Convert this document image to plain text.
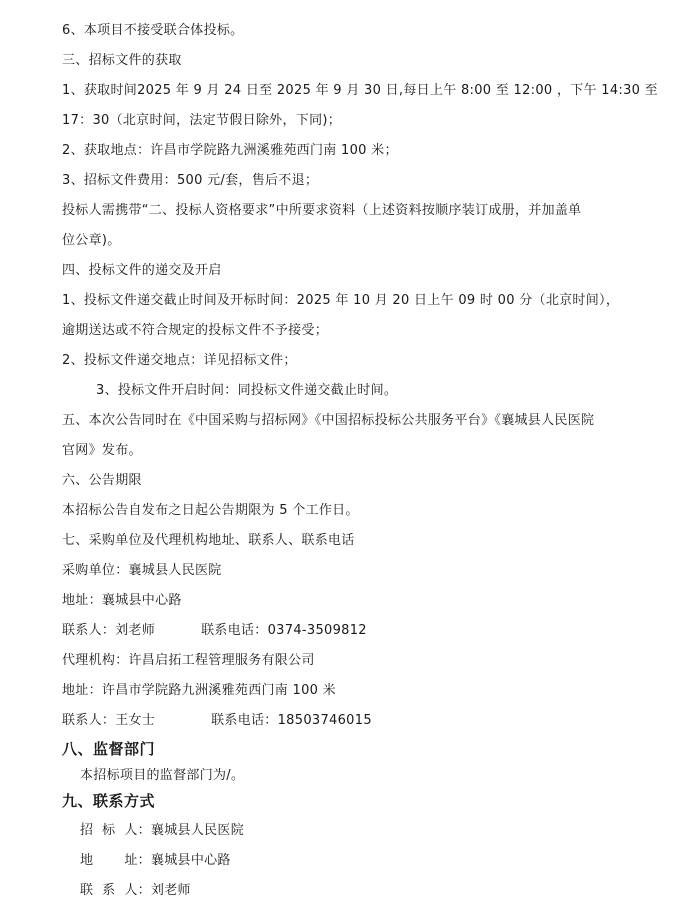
6、本项目不接受联合体投标。
三、招标文件的获取
1、获取时间2025 年 9 月 24 日至 2025 年 9 月 30 日,每日上午 8:00 至 12:00 ，下午 14:30 至
17：30（北京时间，法定节假日除外，下同)；
2、获取地点：许昌市学院路九洲溪雅苑西门南 100 米；
3、招标文件费用：500 元/套，售后不退；
投标人需携带“二、投标人资格要求”中所要求资料（上述资料按顺序装订成册，并加盖单
位公章)。
四、投标文件的递交及开启
1、投标文件递交截止时间及开标时间：2025 年 10 月 20 日上午 09 时 00 分（北京时间），
逾期送达或不符合规定的投标文件不予接受；
2、投标文件递交地点：详见招标文件；
3、投标文件开启时间：同投标文件递交截止时间。
五、本次公告同时在《中国采购与招标网》《中国招标投标公共服务平台》《襄城县人民医院
官网》发布。
六、公告期限
本招标公告自发布之日起公告期限为 5 个工作日。
七、采购单位及代理机构地址、联系人、联系电话
采购单位：襄城县人民医院
地址：襄城县中心路
联系人：刘老师	联系电话：0374-3509812
代理机构：许昌启拓工程管理服务有限公司
地址：许昌市学院路九洲溪雅苑西门南 100 米
联系人：王女士	联系电话：18503746015
八、监督部门
本招标项目的监督部门为/。
九、联系方式
招  标  人：襄城县人民医院
地       址：襄城县中心路
联  系  人：刘老师
